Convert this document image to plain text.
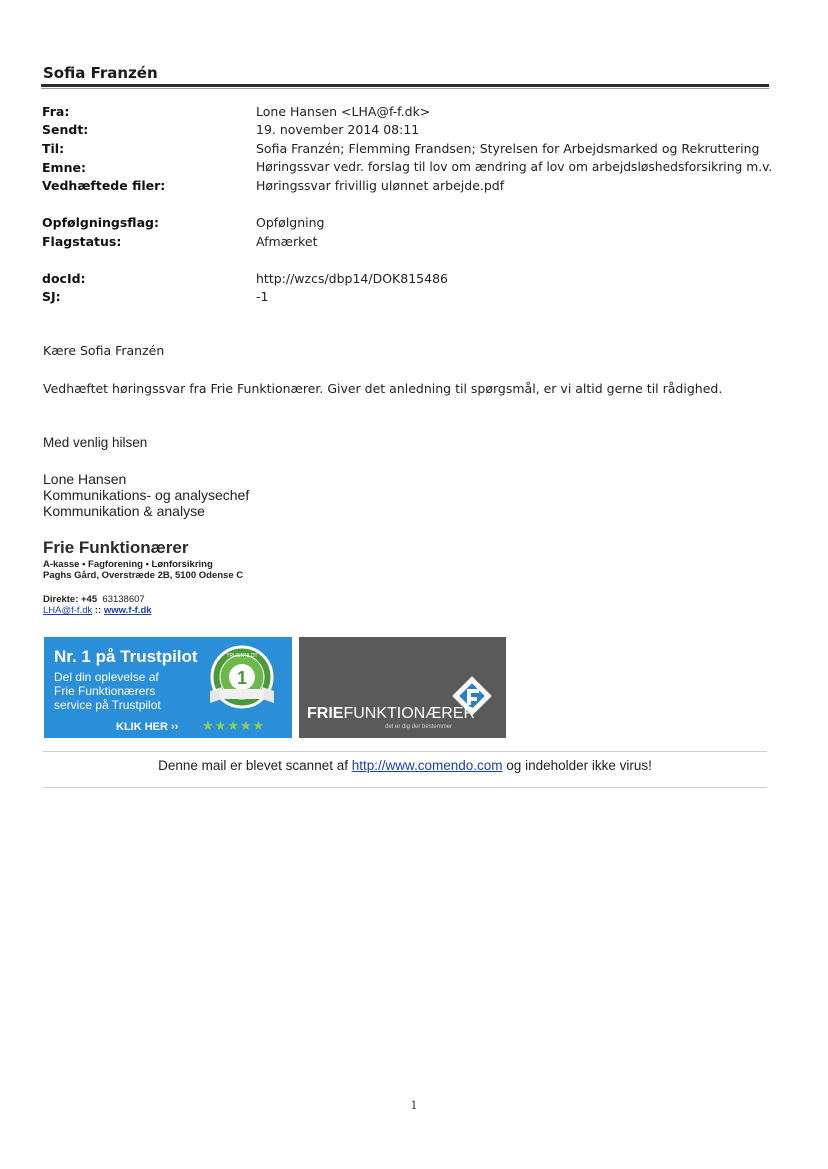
Sofia Franzén
Fra:	Lone Hansen <LHA@f-f.dk>
Sendt:	19. november 2014 08:11
Til:	Sofia Franzén; Flemming Frandsen; Styrelsen for Arbejdsmarked og Rekruttering
Emne:	Høringssvar vedr. forslag til lov om ændring af lov om arbejdsløshedsforsikring m.v.
Vedhæftede filer:	Høringssvar frivillig ulønnet arbejde.pdf
Opfølgningsflag:	Opfølgning
Flagstatus:	Afmærket
docId:	http://wzcs/dbp14/DOK815486
SJ:	-1
Kære Sofia Franzén
Vedhæftet høringssvar fra Frie Funktionærer. Giver det anledning til spørgsmål, er vi altid gerne til rådighed.
Med venlig hilsen
Lone Hansen
Kommunikations- og analysechef
Kommunikation & analyse
Frie Funktionærer
A-kasse • Fagforening • Lønforsikring
Paghs Gård, Overstræde 2B, 5100 Odense C
Direkte: +45 63138607
LHA@f-f.dk :: www.f-f.dk
Nr. 1 på Trustpilot
Del din oplevelse af
Frie Funktionærers
service på Trustpilot
KLIK HER ››
1
TRUSTPILOT
★★★★★
FRIEFUNKTIONÆRER
det er dig der bestemmer
Denne mail er blevet scannet af http://www.comendo.com og indeholder ikke virus!
1
